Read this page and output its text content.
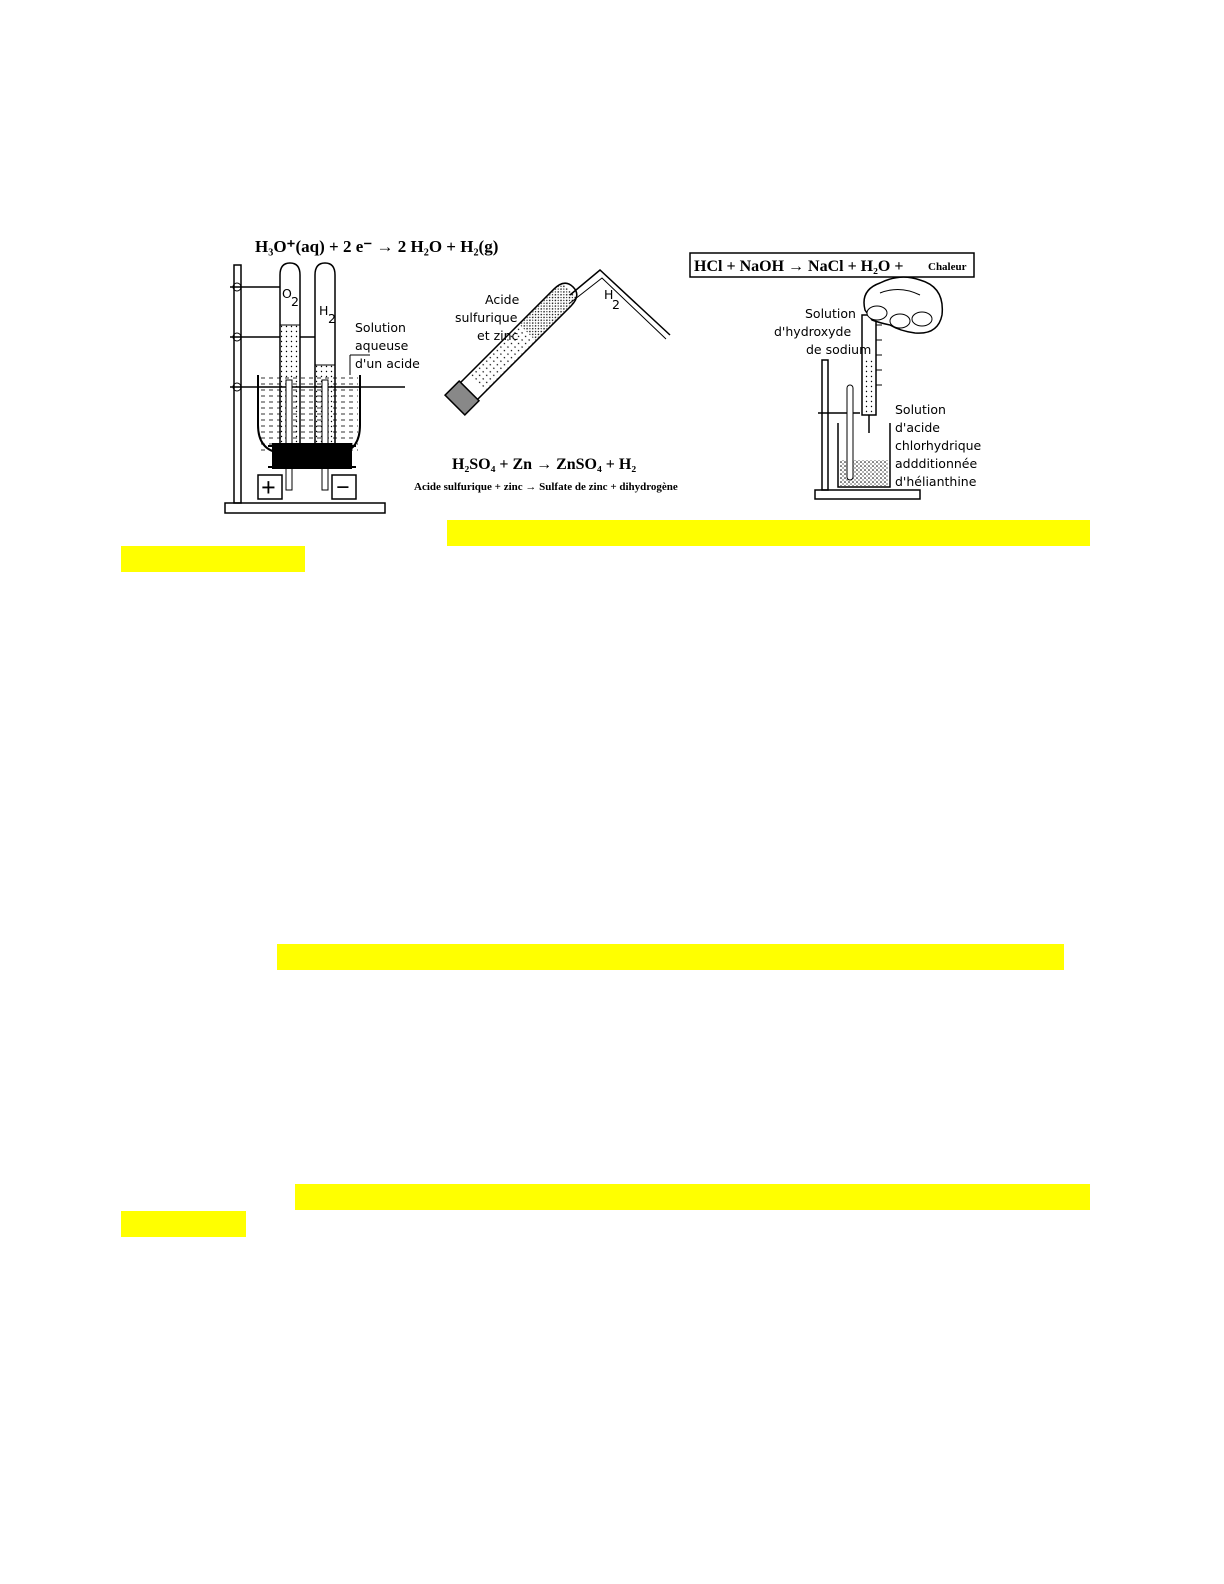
H₃O⁺(aq) + 2 e⁻ → 2 H₂O + H₂(g)
O
2
H
2
+	−
Solution
aqueuse
d'un acide
Acide
sulfurique
et zinc
H
2
H₂SO₄ + Zn → ZnSO₄ + H₂
Acide sulfurique + zinc → Sulfate de zinc + dihydrogène
HCl + NaOH → NaCl + H₂O + Chaleur
Solution
d'hydroxyde
de sodium
Solution
d'acide
chlorhydrique
addditionnée
d'hélianthine
